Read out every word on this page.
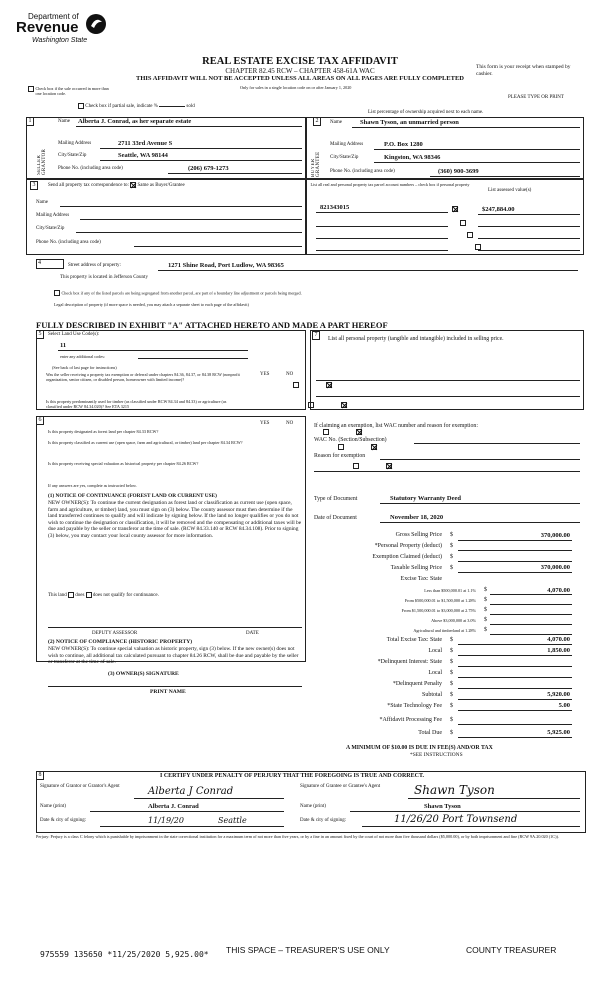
Department of
Revenue
Washington State
REAL ESTATE EXCISE TAX AFFIDAVIT
CHAPTER 82.45 RCW – CHAPTER 458-61A WAC
THIS AFFIDAVIT WILL NOT BE ACCEPTED UNLESS ALL AREAS ON ALL PAGES ARE FULLY COMPLETED
This form is your receipt when stamped by cashier.
Only for sales in a single location code on or after January 1, 2020
Check box if the sale occurred in more than one location code.
PLEASE TYPE OR PRINT
Check box if partial sale, indicate %	sold
List percentage of ownership acquired next to each name.
1
SELLER GRANTOR
Name Alberta J. Conrad, as her separate estate
Mailing Address	2711 33rd Avenue S
City/State/Zip	Seattle, WA 98144
Phone No. (including area code)	(206) 679-1273
2
BUYER GRANTEE
Name	Shawn Tyson, an unmarried person
Mailing Address	P.O. Box 1280
City/State/Zip	Kingston, WA 98346
Phone No. (including area code)	(360) 900-3699
3	Send all property tax correspondence to: Same as Buyer/Grantee
Name
Mailing Address
City/State/Zip
Phone No. (including area code)
List all real and personal property tax parcel account numbers – check box if personal property
List assessed value(s)
821343015
	$247,884.00

4	Street address of property:	1271 Shine Road, Port Ludlow, WA 98365
This property is located in Jefferson County
Check box if any of the listed parcels are being segregated from another parcel, are part of a boundary line adjustment or parcels being merged.
Legal description of property (if more space is needed, you may attach a separate sheet to each page of the affidavit)
FULLY DESCRIBED IN EXHIBIT "A" ATTACHED HERETO AND MADE A PART HEREOF
5	Select Land Use Code(s):
11
enter any additional codes:
(See back of last page for instructions)
YES	NO
Was the seller receiving a property tax exemption or deferral under chapters 84.36, 84.37, or 84.38 RCW (nonprofit organization, senior citizen, or disabled person, homeowner with limited income)?

Is this property predominantly used for timber (as classified under RCW 84.34 and 84.33) or agriculture (as classified under RCW 84.34.020)? See ETA 3215

6
YES	NO
Is this property designated as forest land per chapter 84.33 RCW?

Is this property classified as current use (open space, farm and agricultural, or timber) land per chapter 84.34 RCW?

Is this property receiving special valuation as historical property per chapter 84.26 RCW?

If any answers are yes, complete as instructed below.
(1) NOTICE OF CONTINUANCE (FOREST LAND OR CURRENT USE)
NEW OWNER(S): To continue the current designation as forest land or classification as current use (open space, farm and agriculture, or timber) land, you must sign on (3) below. The county assessor must then determine if the land transferred continues to qualify and will indicate by signing below. If the land no longer qualifies or you do not wish to continue the designation or classification, it will be removed and the compensating or additional taxes will be due and payable by the seller or transferor at the time of sale. (RCW 84.33.140 or RCW 84.34.108). Prior to signing (3) below, you may contact your local county assessor for more information.
This land does does not qualify for continuance.
DEPUTY ASSESSOR	DATE
(2) NOTICE OF COMPLIANCE (HISTORIC PROPERTY)
NEW OWNER(S): To continue special valuation as historic property, sign (3) below. If the new owner(s) does not wish to continue, all additional tax calculated pursuant to chapter 84.26 RCW, shall be due and payable by the seller or transferor at the time of sale.
(3) OWNER(S) SIGNATURE
PRINT NAME
7
List all personal property (tangible and intangible) included in selling price.
If claiming an exemption, list WAC number and reason for exemption:
WAC No. (Section/Subsection)
Reason for exemption
Type of Document	Statutory Warranty Deed
Date of Document	November 18, 2020
Gross Selling Price $	370,000.00
*Personal Property (deduct) $
Exemption Claimed (deduct) $
Taxable Selling Price $	370,000.00
Excise Tax: State
Less than $500,000.01 at 1.1% $	4,070.00
From $500,000.01 to $1,500,000 at 1.28% $
From $1,500,000.01 to $3,000,000 at 2.75% $
Above $3,000,000 at 3.0% $
Agricultural and timberland at 1.28% $
Total Excise Tax: State $	4,070.00
Local $	1,850.00
*Delinquent Interest: State $
Local $
*Delinquent Penalty $
Subtotal $	5,920.00
*State Technology Fee $	5.00
*Affidavit Processing Fee $
Total Due $	5,925.00
A MINIMUM OF $10.00 IS DUE IN FEE(S) AND/OR TAX
*SEE INSTRUCTIONS
8	I CERTIFY UNDER PENALTY OF PERJURY THAT THE FOREGOING IS TRUE AND CORRECT.
Signature of Grantor or Grantor's Agent	Alberta J Conrad
Name (print)	Alberta J. Conrad
Date & city of signing:	11/19/20	Seattle
Signature of Grantee or Grantee's Agent	Shawn Tyson
Name (print)	Shawn Tyson
Date & city of signing:	11/26/20 Port Townsend
Perjury: Perjury is a class C felony which is punishable by imprisonment in the state correctional institution for a maximum term of not more than five years, or by a fine in an amount fixed by the court of not more than five thousand dollars ($5,000.00), or by both imprisonment and fine (RCW 9A.20.020 (1C)).
975559 135650 *11/25/2020 5,925.00* THIS SPACE – TREASURER'S USE ONLY	COUNTY TREASURER
